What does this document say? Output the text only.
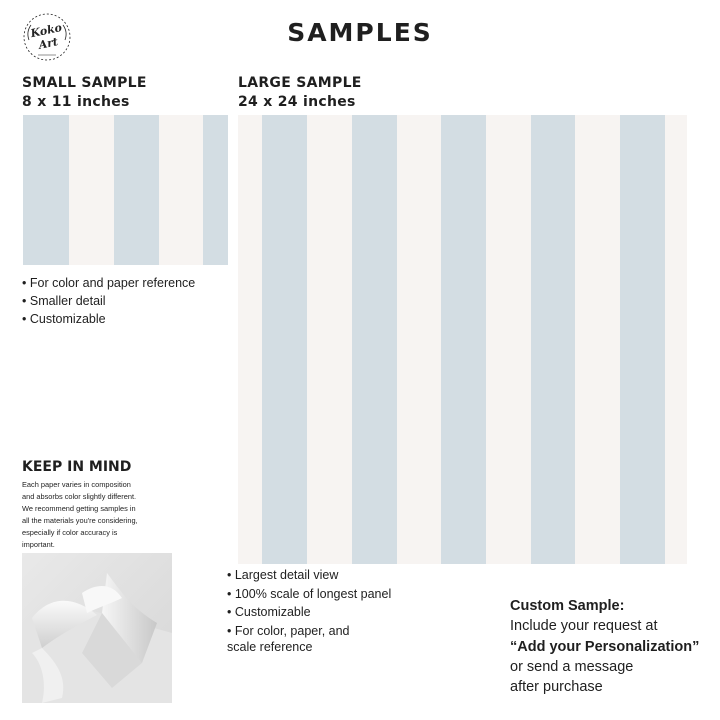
Koko
Art	SAMPLES
SMALL SAMPLE
8 x 11 inches
• For color and paper reference
• Smaller detail
• Customizable
LARGE SAMPLE
24 x 24 inches
• Largest detail view
• 100% scale of longest panel
• Customizable
• For color, paper, and
scale reference
KEEP IN MIND
Each paper varies in composition
and absorbs color slightly different.
We recommend getting samples in
all the materials you're considering,
especially if color accuracy is
important.
Custom Sample:
Include your request at
“Add your Personalization”
or send a message
after purchase
